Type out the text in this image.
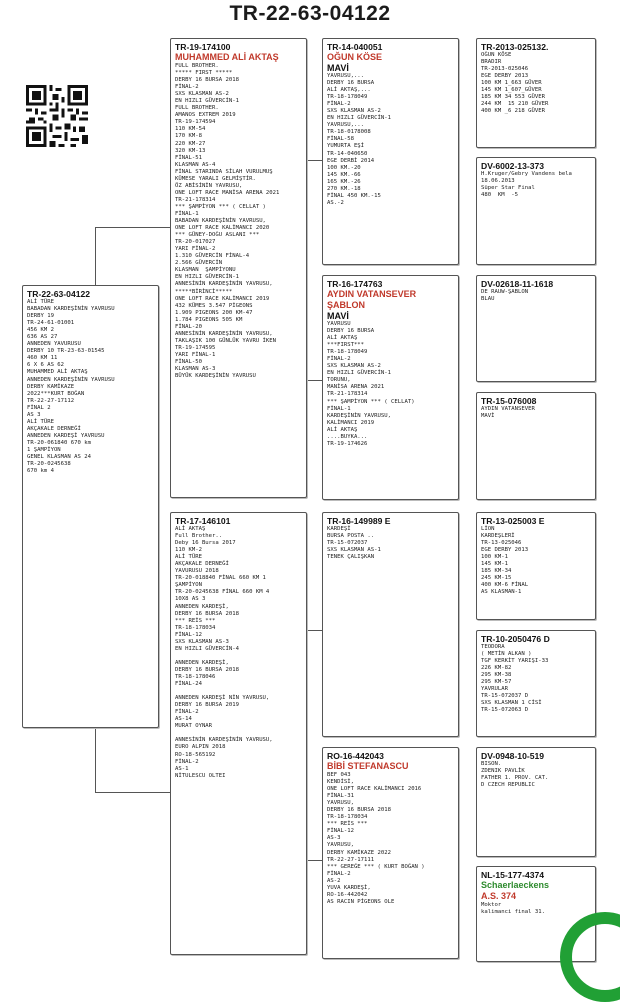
TR-22-63-04122
TR-22-63-04122
ALİ TÜRE
BABADAN KARDEŞİNİN YAVRUSU
DERBY 19
TR-24-61-01001
456 KM 2
636 AS 27
ANNEDEN YAVURUSU
DERBY 10 TR-23-63-01545
460 KM 11
6 X 6 AS 62
MUHAMMED ALİ AKTAŞ
ANNEDEN KARDEŞİNİN YAVRUSU
DERBY KAMİKAZE
2022***KURT BOĞAN
TR-22-27-17112
FİNAL 2
AS 3
ALİ TÜRE
AKÇAKALE DERNEĞİ
ANNEDEN KARDEŞİ YAVRUSU
TR-20-061840 670 km
1 ŞAMPİYON
GENEL KLASMAN AS 24
TR-20-0245638
670 km 4
TR-19-174100
MUHAMMED ALİ AKTAŞ
FULL BROTHER.
***** FIRST *****
DERBY 16 BURSA 2018
FİNAL-2
SXS KLASMAN AS-2
EN HIZLI GÜVERCİN-1
FULL BROTHER.
AMANOS EXTREM 2019
TR-19-174594
110 KM-54
170 KM-8
220 KM-27
320 KM-13
FİNAL-51
KLASMAN AS-4
FİNAL STARINDA SİLAH VURULMUŞ
KÜMESE YARALI GELMİŞTİR.
ÖZ ABİSİNİN YAVRUSU,
ONE LOFT RACE MANİSA ARENA 2021
TR-21-178314
*** ŞAMPİYON *** ( CELLAT )
FİNAL-1
BABADAN KARDEŞİNİN YAVRUSU,
ONE LOFT RACE KALİMANCI 2020
*** GÜNEY-DOĞU ASLANI ***
TR-20-017027
YARI FİNAL-2
1.310 GÜVERCİN FİNAL-4
2.566 GÜVERCİN
KLASMAN  ŞAMPİYONU
EN HIZLI GÜVERCİN-1
ANNESİNİN KARDEŞİNİN YAVRUSU,
*****BİRİNCİ*****
ONE LOFT RACE KALİMANCI 2019
432 KÜMES 3.547 PİGEONS
1.909 PIGEONS 200 KM-47
1.784 PIGEONS 505 KM
FİNAL-20
ANNESİNİN KARDEŞİNİN YAVRUSU,
TAKLAŞIK 100 GÜNLÜK YAVRU İKEN
TR-19-174595
YARI FİNAL-1
FİNAL-50
KLASMAN AS-3
BÜYÜK KARDEŞİNİN YAVRUSU
TR-17-146101
ALİ AKTAŞ
Full Brother..
Deby 16 Bursa 2017
110 KM-2
ALİ TÜRE
AKÇAKALE DERNEĞİ
YAVURUSU 2018
TR-20-018840 FİNAL 660 KM 1
ŞAMPİYON
TR-20-0245638 FİNAL 660 KM 4
10X8 AS 3
ANNEDEN KARDEŞİ,
DERBY 16 BURSA 2018
*** REİS ***
TR-18-178034
FİNAL-12
SXS KLASMAN AS-3
EN HIZLI GÜVERCİN-4

ANNEDEN KARDEŞİ,
DERBY 16 BURSA 2018
TR-18-178046
FİNAL-24

ANNEDEN KARDEŞİ NİN YAVRUSU,
DERBY 16 BURSA 2019
FİNAL-2
AS-14
MURAT OYNAR

ANNESİNİN KARDEŞİNİN YAVRUSU,
EURO ALPIN 2018
RO-18-565192
FİNAL-2
AS-1
NİTULESCU OLTEI
TR-14-040051
OĞUN KÖSE
MAVİ
YAVRUSU,...
DERBY 16 BURSA
ALİ AKTAŞ,...
TR-18-178049
FİNAL-2
SXS KLASMAN AS-2
EN HIZLI GÜVERCİN-1
YAVRUSU,...
TR-18-0178008
FİNAL-58
YUMURTA EŞİ
TR-14-040650
EGE DERBİ 2014
100 KM.-20
145 KM.-66
165 KM.-26
270 KM.-18
FİNAL 450 KM.-15
AS.-2
TR-16-174763
AYDIN VATANSEVER ŞABLON
MAVİ
YAVRUSU
DERBY 16 BURSA
ALİ AKTAŞ
***FIRST***
TR-18-178049
FİNAL-2
SXS KLASMAN AS-2
EN HIZLI GÜVERCİN-1
TORUNU,
MANİSA ARENA 2021
TR-21-178314
*** ŞAMPİYON *** ( CELLAT)
FİNAL-1
KARDEŞİNİN YAVRUSU,
KALİMANCI 2019
ALİ AKTAŞ
....BUYKA...
TR-19-174626
TR-16-149989 E
KARDEŞİ
BURSA POSTA ..
TR-15-072037
SXS KLASMAN AS-1
TENEK ÇALIŞKAN
RO-16-442043
BİBİ STEFANASCU
BEF 043
KENDİSİ,
ONE LOFT RACE KALİMANCI 2016
FİNAL-31
YAVRUSU,
DERBY 16 BURSA 2018
TR-18-178034
*** REİS ***
FİNAL-12
AS-3
YAVRUSU,
DERBY KAMİKAZE 2022
TR-22-27-17111
*** GEREĞE *** ( KURT BOĞAN )
FİNAL-2
AS-2
YUVA KARDEŞİ,
RO-16-442042
AS RACIN PİGEONS OLE
TR-2013-025132.
OĞUN KÖSE
BRADIR
TR-2013-025046
EGE DERBY 2013
100 KM 1_663 GÜVER
145 KM 1_607_GÜVER
185 KM 34 553 GÜVER
244 KM  15 210 GÜVER
400 KM _6 218 GÜVER
DV-6002-13-373
H.Kruger/Gebry Vandens bela
18.06.2013
Süper Star Final
480  KM  -5
DV-02618-11-1618
DE RAUW-ŞABLON
BLAU
TR-15-076008
AYDIN VATANSEVER
MAVİ
TR-13-025003 E
LİON
KARDEŞLERİ
TR-13-025046
EGE DERBY 2013
100 KM-1
145 KM-1
185 KM-34
245 KM-15
400 KM-6 FİNAL
AS KLASMAN-1
TR-10-2050476 D
TEODORA
( METİN ALKAN )
TGF KERKİT YARIŞI-33
226 KM-82
295 KM-38
295 KM-57
YAVRULAR
TR-15-072037 D
SXS KLASMAN 1 CİSİ
TR-15-072063 D
DV-0948-10-519
BISON.
ZDENIK PAVLİK
FATHER 1. PROV. CAT.
D CZECH REPUBLIC
NL-15-177-4374
Schaerlaeckens
A.S. 374
Moktor
kalimanci final 31.
